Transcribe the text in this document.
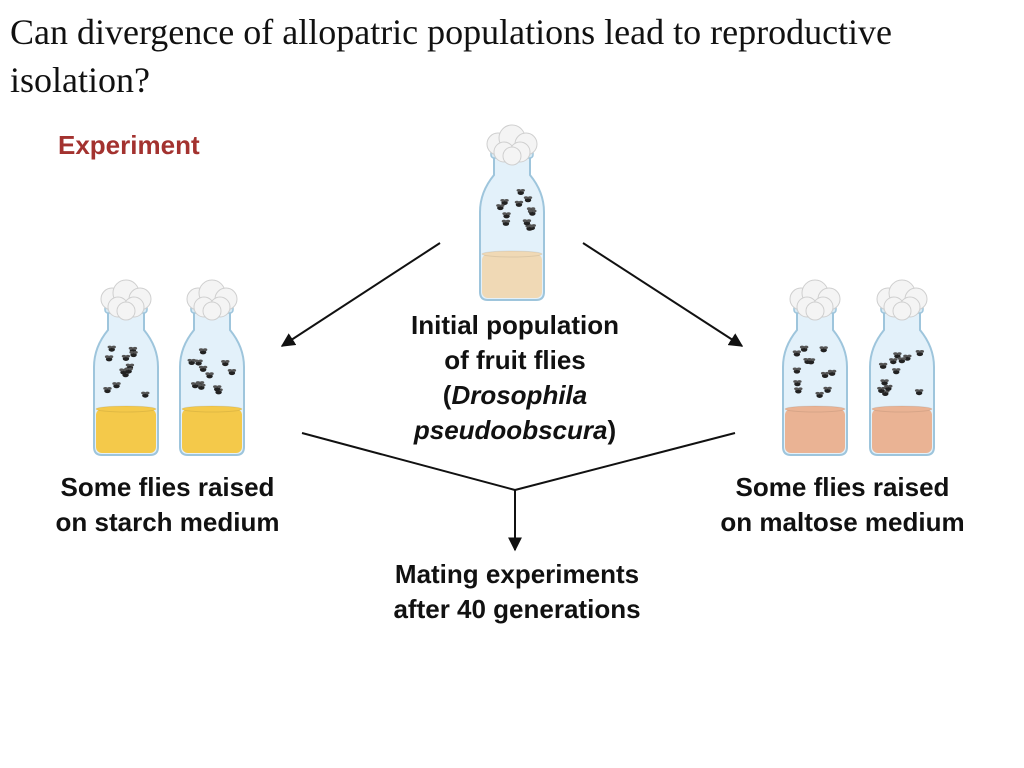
Can divergence of allopatric populations lead to reproductive isolation?
Experiment
Initial population
of fruit flies
(Drosophila
pseudoobscura)
Some flies raised
on starch medium
Some flies raised
on maltose medium
Mating experiments
after 40 generations
